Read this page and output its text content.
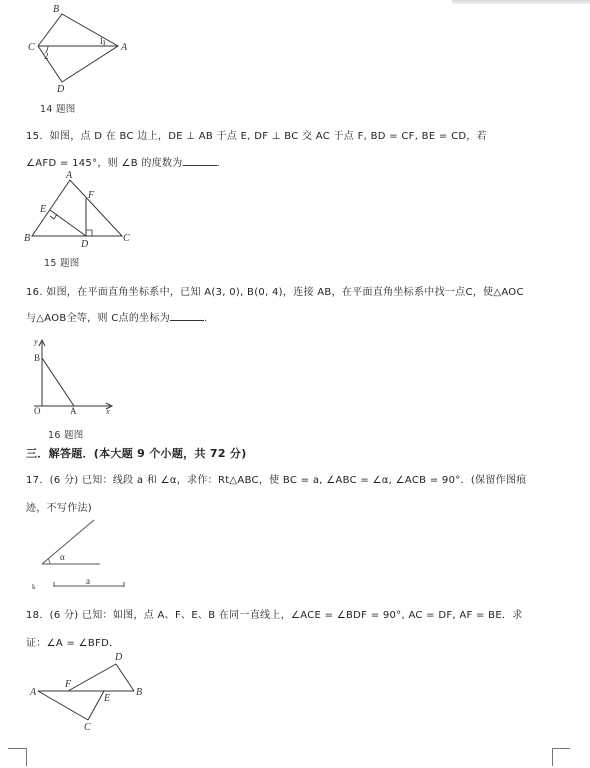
B
C	A
D
1
2
14 题图
15．如图，点 D 在 BC 边上，DE ⊥ AB 于点 E, DF ⊥ BC 交 AC 于点 F, BD = CF, BE = CD，若
∠AFD = 145°，则 ∠B 的度数为	．
A
F
E
B
D
C
15 题图
16. 如图，在平面直角坐标系中，已知 A(3, 0), B(0, 4)，连接 AB，在平面直角坐标系中找一点C，使△AOC
与△AOB全等，则 C点的坐标为	．
y
B
O	A	x
16 题图
三．解答题．(本大题 9 个小题，共 72 分)
17．(6 分) 已知：线段 a 和 ∠α，求作：Rt△ABC，使 BC = a, ∠ABC = ∠α, ∠ACB = 90°．(保留作图痕
迹，不写作法)
α
a
k
18．(6 分) 已知：如图，点 A、F、E、B 在同一直线上，∠ACE = ∠BDF = 90°, AC = DF, AF = BE．求
证：∠A = ∠BFD．
D
A
F
E
B
C
